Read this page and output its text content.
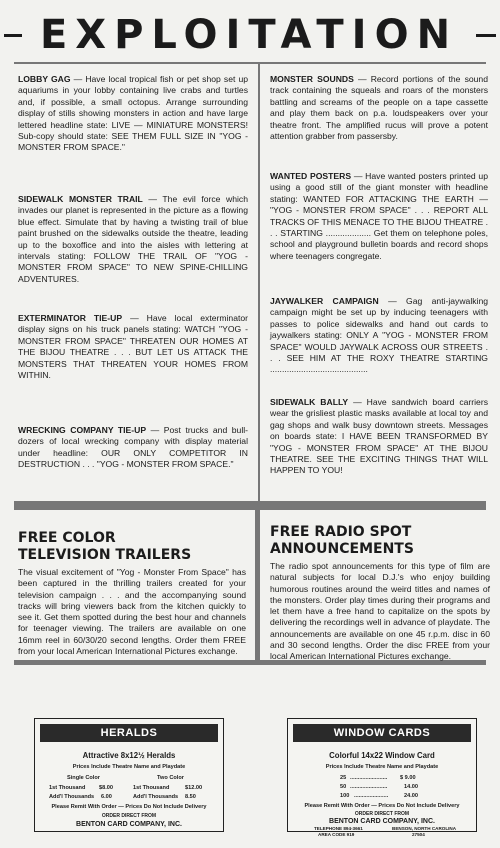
EXPLOITATION
LOBBY GAG — Have local tropical fish or pet shop set up aquariums in your lobby containing live crabs and turtles and, if possible, a small octopus. Arrange surrounding display of stills showing monsters in action and have large lettered headline state: LIVE — MINIATURE MONSTERS! Sub-copy should state: SEE THEM FULL SIZE IN "YOG - MONSTER FROM SPACE."
SIDEWALK MONSTER TRAIL — The evil force which invades our planet is represented in the picture as a flowing blue effect. Simulate that by having a twisting trail of blue paint brushed on the sidewalks outside the theatre, leading up to the boxoffice and into the aisles with lettering at intervals stating: FOLLOW THE TRAIL OF "YOG - MONSTER FROM SPACE" TO NEW SPINE-CHILLING ADVENTURES.
EXTERMINATOR TIE-UP — Have local exterminator display signs on his truck panels stating: WATCH "YOG - MONSTER FROM SPACE" THREATEN OUR HOMES AT THE BIJOU THEATRE . . . BUT LET US ATTACK THE MONSTERS THAT THREATEN YOUR HOMES FROM WITHIN.
WRECKING COMPANY TIE-UP — Post trucks and bull-dozers of local wrecking company with display material under headline: OUR ONLY COMPETITOR IN DESTRUCTION . . . "YOG - MONSTER FROM SPACE."
MONSTER SOUNDS — Record portions of the sound track containing the squeals and roars of the monsters battling and screams of the people on a tape cassette and play them back on p.a. loudspeakers over your theatre front. The amplified rucus will prove a potent attention grabber from passersby.
WANTED POSTERS — Have wanted posters printed up using a good still of the giant monster with headline stating: WANTED FOR ATTACKING THE EARTH — "YOG - MONSTER FROM SPACE" . . . REPORT ALL TRACKS OF THIS MENACE TO THE BIJOU THEATRE . . . STARTING ................... Get them on telephone poles, school and playground bulletin boards and record shops where teenagers congregate.
JAYWALKER CAMPAIGN — Gag anti-jaywalking campaign might be set up by inducing teenagers with passes to police sidewalks and hand out cards to jaywalkers stating: ONLY A "YOG - MONSTER FROM SPACE" WOULD JAYWALK ACROSS OUR STREETS . . . SEE HIM AT THE ROXY THEATRE STARTING .........................................
SIDEWALK BALLY — Have sandwich board carriers wear the grisliest plastic masks available at local toy and gag shops and walk busy downtown streets. Messages on boards state: I HAVE BEEN TRANSFORMED BY "YOG - MONSTER FROM SPACE" AT THE BIJOU THEATRE. SEE THE EXCITING THINGS THAT WILL HAPPEN TO YOU!
FREE COLOR
TELEVISION TRAILERS
The visual excitement of "Yog - Monster From Space" has been captured in the thrilling trailers created for your television campaign . . . and the accompanying sound tracks will bring viewers back from the kitchen quickly to see it. Get them spotted during the best hour and channels for teenager viewing. The trailers are available on one 16mm reel in 60/30/20 second lengths. Order them FREE from your local American International Pictures exchange.
FREE RADIO SPOT
ANNOUNCEMENTS
The radio spot announcements for this type of film are natural subjects for local D.J.'s who enjoy building humorous routines around the weird titles and names of the monsters. Order play times during their programs and let them have a free hand to capitalize on the spots by delivering the recordings well in advance of playdate. The announcements are available on one 45 r.p.m. disc in 60 and 30 second lengths. Order the disc FREE from your local American International Pictures exchange.
HERALDS
Attractive 8x12½ Heralds
Prices Include Theatre Name and Playdate
Single Color	Two Color
1st Thousand $8.00	1st Thousand	$12.00
Add'l Thousands 6.00	Add'l Thousands 8.50
Please Remit With Order — Prices Do Not Include Delivery
ORDER DIRECT FROM
BENTON CARD COMPANY, INC.
WINDOW CARDS
Colorful 14x22 Window Card
Prices Include Theatre Name and Playdate
25 ........................ $ 9.00
50 ........................	14.00
100 ......................	24.00
Please Remit With Order — Prices Do Not Include Delivery
ORDER DIRECT FROM
BENTON CARD COMPANY, INC.
TELEPHONE 894-3661
AREA CODE 919
BENSON, NORTH CAROLINA
27504
